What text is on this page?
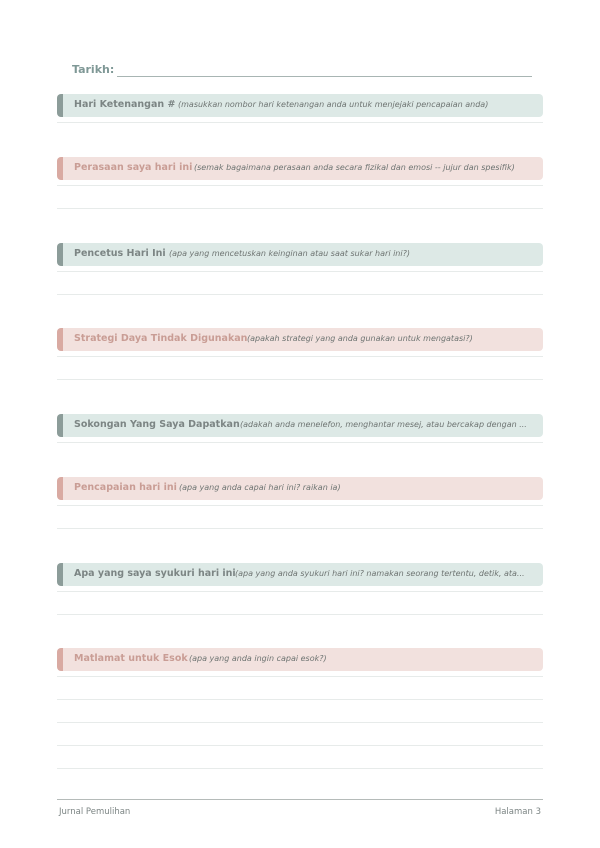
Tarikh:
Hari Ketenangan # (masukkan nombor hari ketenangan anda untuk menjejaki pencapaian anda)
Perasaan saya hari ini (semak bagaimana perasaan anda secara fizikal dan emosi -- jujur dan spesifik)
Pencetus Hari Ini (apa yang mencetuskan keinginan atau saat sukar hari ini?)
Strategi Daya Tindak Digunakan (apakah strategi yang anda gunakan untuk mengatasi?)
Sokongan Yang Saya Dapatkan (adakah anda menelefon, menghantar mesej, atau bercakap dengan ...
Pencapaian hari ini (apa yang anda capai hari ini? raikan ia)
Apa yang saya syukuri hari ini (apa yang anda syukuri hari ini? namakan seorang tertentu, detik, ata...
Matlamat untuk Esok (apa yang anda ingin capai esok?)
Jurnal Pemulihan	Halaman 3
